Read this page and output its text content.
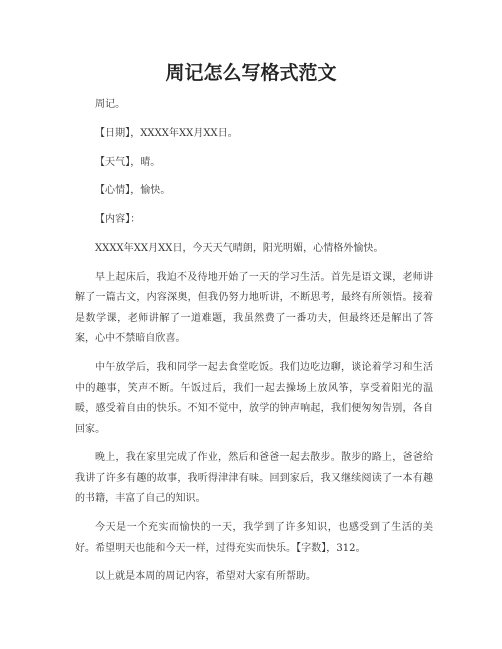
周记怎么写格式范文

周记。

【日期】，XXXX年XX月XX日。

【天气】，晴。

【心情】，愉快。

【内容】：

XXXX年XX月XX日，今天天气晴朗，阳光明媚，心情格外愉快。

早上起床后，我迫不及待地开始了一天的学习生活。首先是语文课，老师讲解了一篇古文，内容深奥，但我仍努力地听讲，不断思考，最终有所领悟。接着是数学课，老师讲解了一道难题，我虽然费了一番功夫，但最终还是解出了答案，心中不禁暗自欣喜。

中午放学后，我和同学一起去食堂吃饭。我们边吃边聊，谈论着学习和生活中的趣事，笑声不断。午饭过后，我们一起去操场上放风筝，享受着阳光的温暖，感受着自由的快乐。不知不觉中，放学的钟声响起，我们便匆匆告别，各自回家。

晚上，我在家里完成了作业，然后和爸爸一起去散步。散步的路上，爸爸给我讲了许多有趣的故事，我听得津津有味。回到家后，我又继续阅读了一本有趣的书籍，丰富了自己的知识。

今天是一个充实而愉快的一天，我学到了许多知识，也感受到了生活的美好。希望明天也能和今天一样，过得充实而快乐。【字数】，312。

以上就是本周的周记内容，希望对大家有所帮助。
